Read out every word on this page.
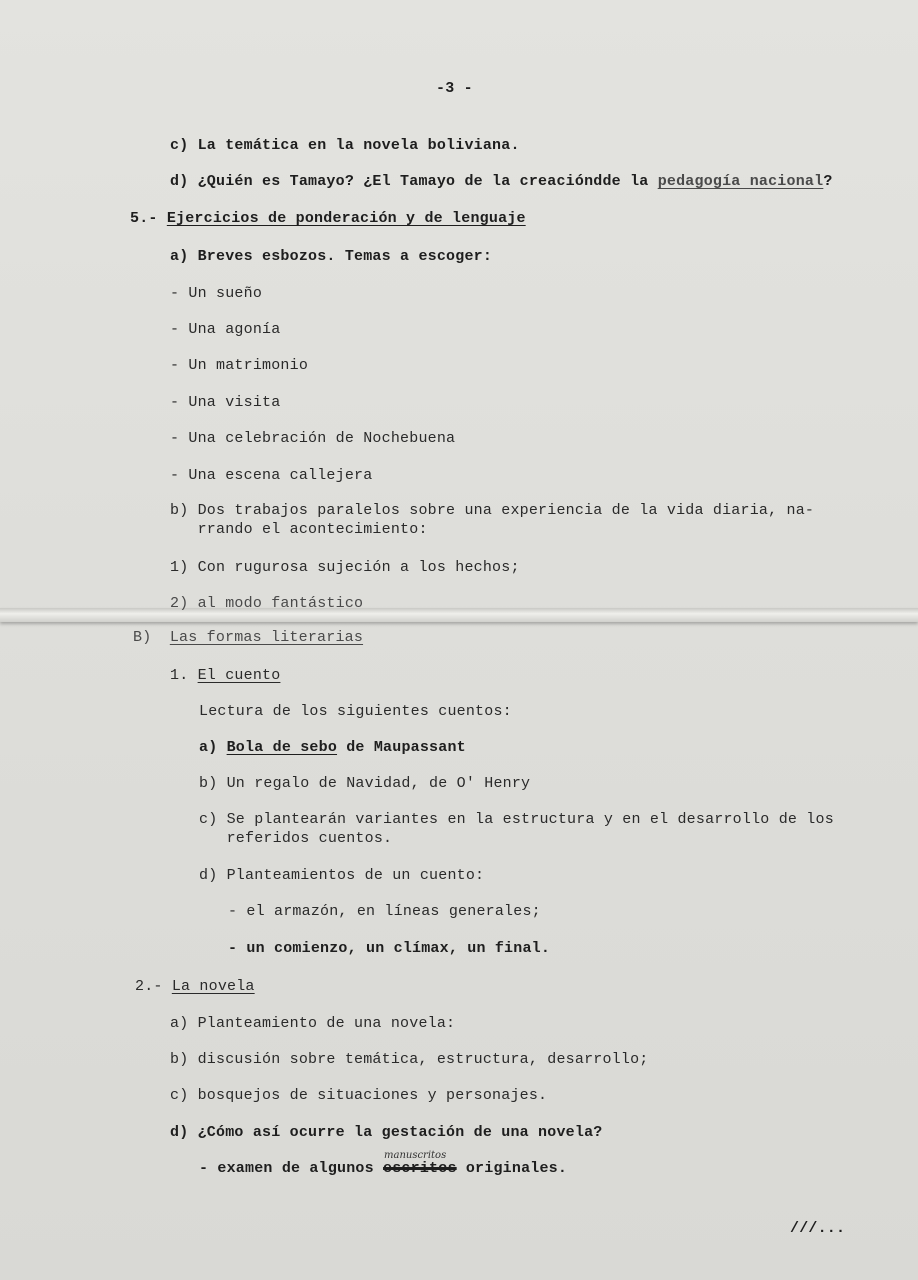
-3 -
c) La temática en la novela boliviana.
d) ¿Quién es Tamayo? ¿El Tamayo de la creacióndde la pedagogía nacional?
5.- Ejercicios de ponderación y de lenguaje
a) Breves esbozos. Temas a escoger:
- Un sueño
- Una agonía
- Un matrimonio
- Una visita
- Una celebración de Nochebuena
- Una escena callejera
b) Dos trabajos paralelos sobre una experiencia de la vida diaria, na-
rrando el acontecimiento:
1) Con rugurosa sujeción a los hechos;
2) al modo fantástico
B)  Las formas literarias
1. El cuento
Lectura de los siguientes cuentos:
a) Bola de sebo de Maupassant
b) Un regalo de Navidad, de O' Henry
c) Se plantearán variantes en la estructura y en el desarrollo de los
referidos cuentos.
d) Planteamientos de un cuento:
- el armazón, en líneas generales;
- un comienzo, un clímax, un final.
2.- La novela
a) Planteamiento de una novela:
b) discusión sobre temática, estructura, desarrollo;
c) bosquejos de situaciones y personajes.
d) ¿Cómo así ocurre la gestación de una novela?
- examen de algunos escritos originales.
manuscritos
///...
